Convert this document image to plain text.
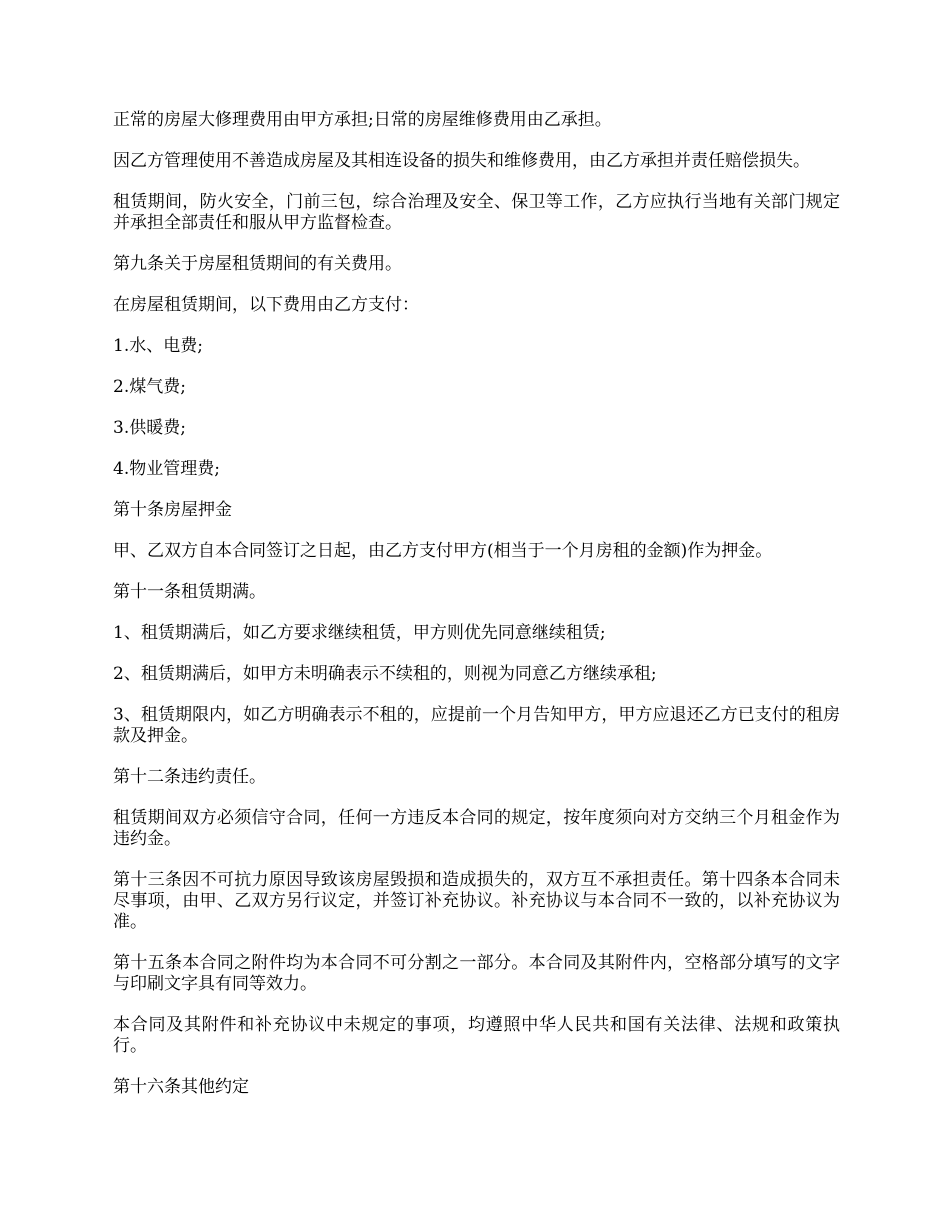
正常的房屋大修理费用由甲方承担;日常的房屋维修费用由乙承担。

因乙方管理使用不善造成房屋及其相连设备的损失和维修费用，由乙方承担并责任赔偿损失。

租赁期间，防火安全，门前三包，综合治理及安全、保卫等工作，乙方应执行当地有关部门规定并承担全部责任和服从甲方监督检查。

第九条关于房屋租赁期间的有关费用。

在房屋租赁期间，以下费用由乙方支付：

1.水、电费;

2.煤气费;

3.供暖费;

4.物业管理费;

第十条房屋押金

甲、乙双方自本合同签订之日起，由乙方支付甲方(相当于一个月房租的金额)作为押金。

第十一条租赁期满。

1、租赁期满后，如乙方要求继续租赁，甲方则优先同意继续租赁;

2、租赁期满后，如甲方未明确表示不续租的，则视为同意乙方继续承租;

3、租赁期限内，如乙方明确表示不租的，应提前一个月告知甲方，甲方应退还乙方已支付的租房款及押金。

第十二条违约责任。

租赁期间双方必须信守合同，任何一方违反本合同的规定，按年度须向对方交纳三个月租金作为违约金。

第十三条因不可抗力原因导致该房屋毁损和造成损失的，双方互不承担责任。第十四条本合同未尽事项，由甲、乙双方另行议定，并签订补充协议。补充协议与本合同不一致的，以补充协议为准。

第十五条本合同之附件均为本合同不可分割之一部分。本合同及其附件内，空格部分填写的文字与印刷文字具有同等效力。

本合同及其附件和补充协议中未规定的事项，均遵照中华人民共和国有关法律、法规和政策执行。

第十六条其他约定
